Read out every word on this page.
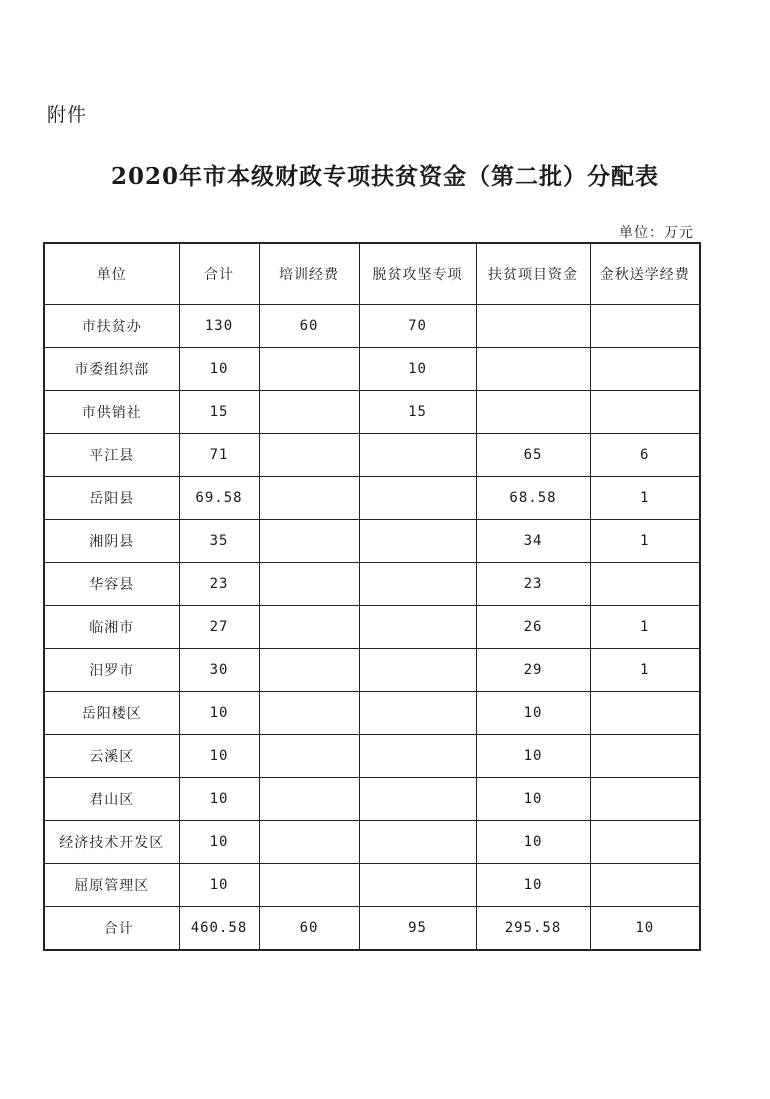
附件
2020年市本级财政专项扶贫资金（第二批）分配表
单位：万元
单位	合计	培训经费	脱贫攻坚专项	扶贫项目资金	金秋送学经费
市扶贫办	130	60	70		
市委组织部	10		10		
市供销社	15		15		
平江县	71			65	6
岳阳县	69.58			68.58	1
湘阴县	35			34	1
华容县	23			23	
临湘市	27			26	1
汨罗市	30			29	1
岳阳楼区	10			10	
云溪区	10			10	
君山区	10			10	
经济技术开发区	10			10	
屈原管理区	10			10	
合计	460.58	60	95	295.58	10
